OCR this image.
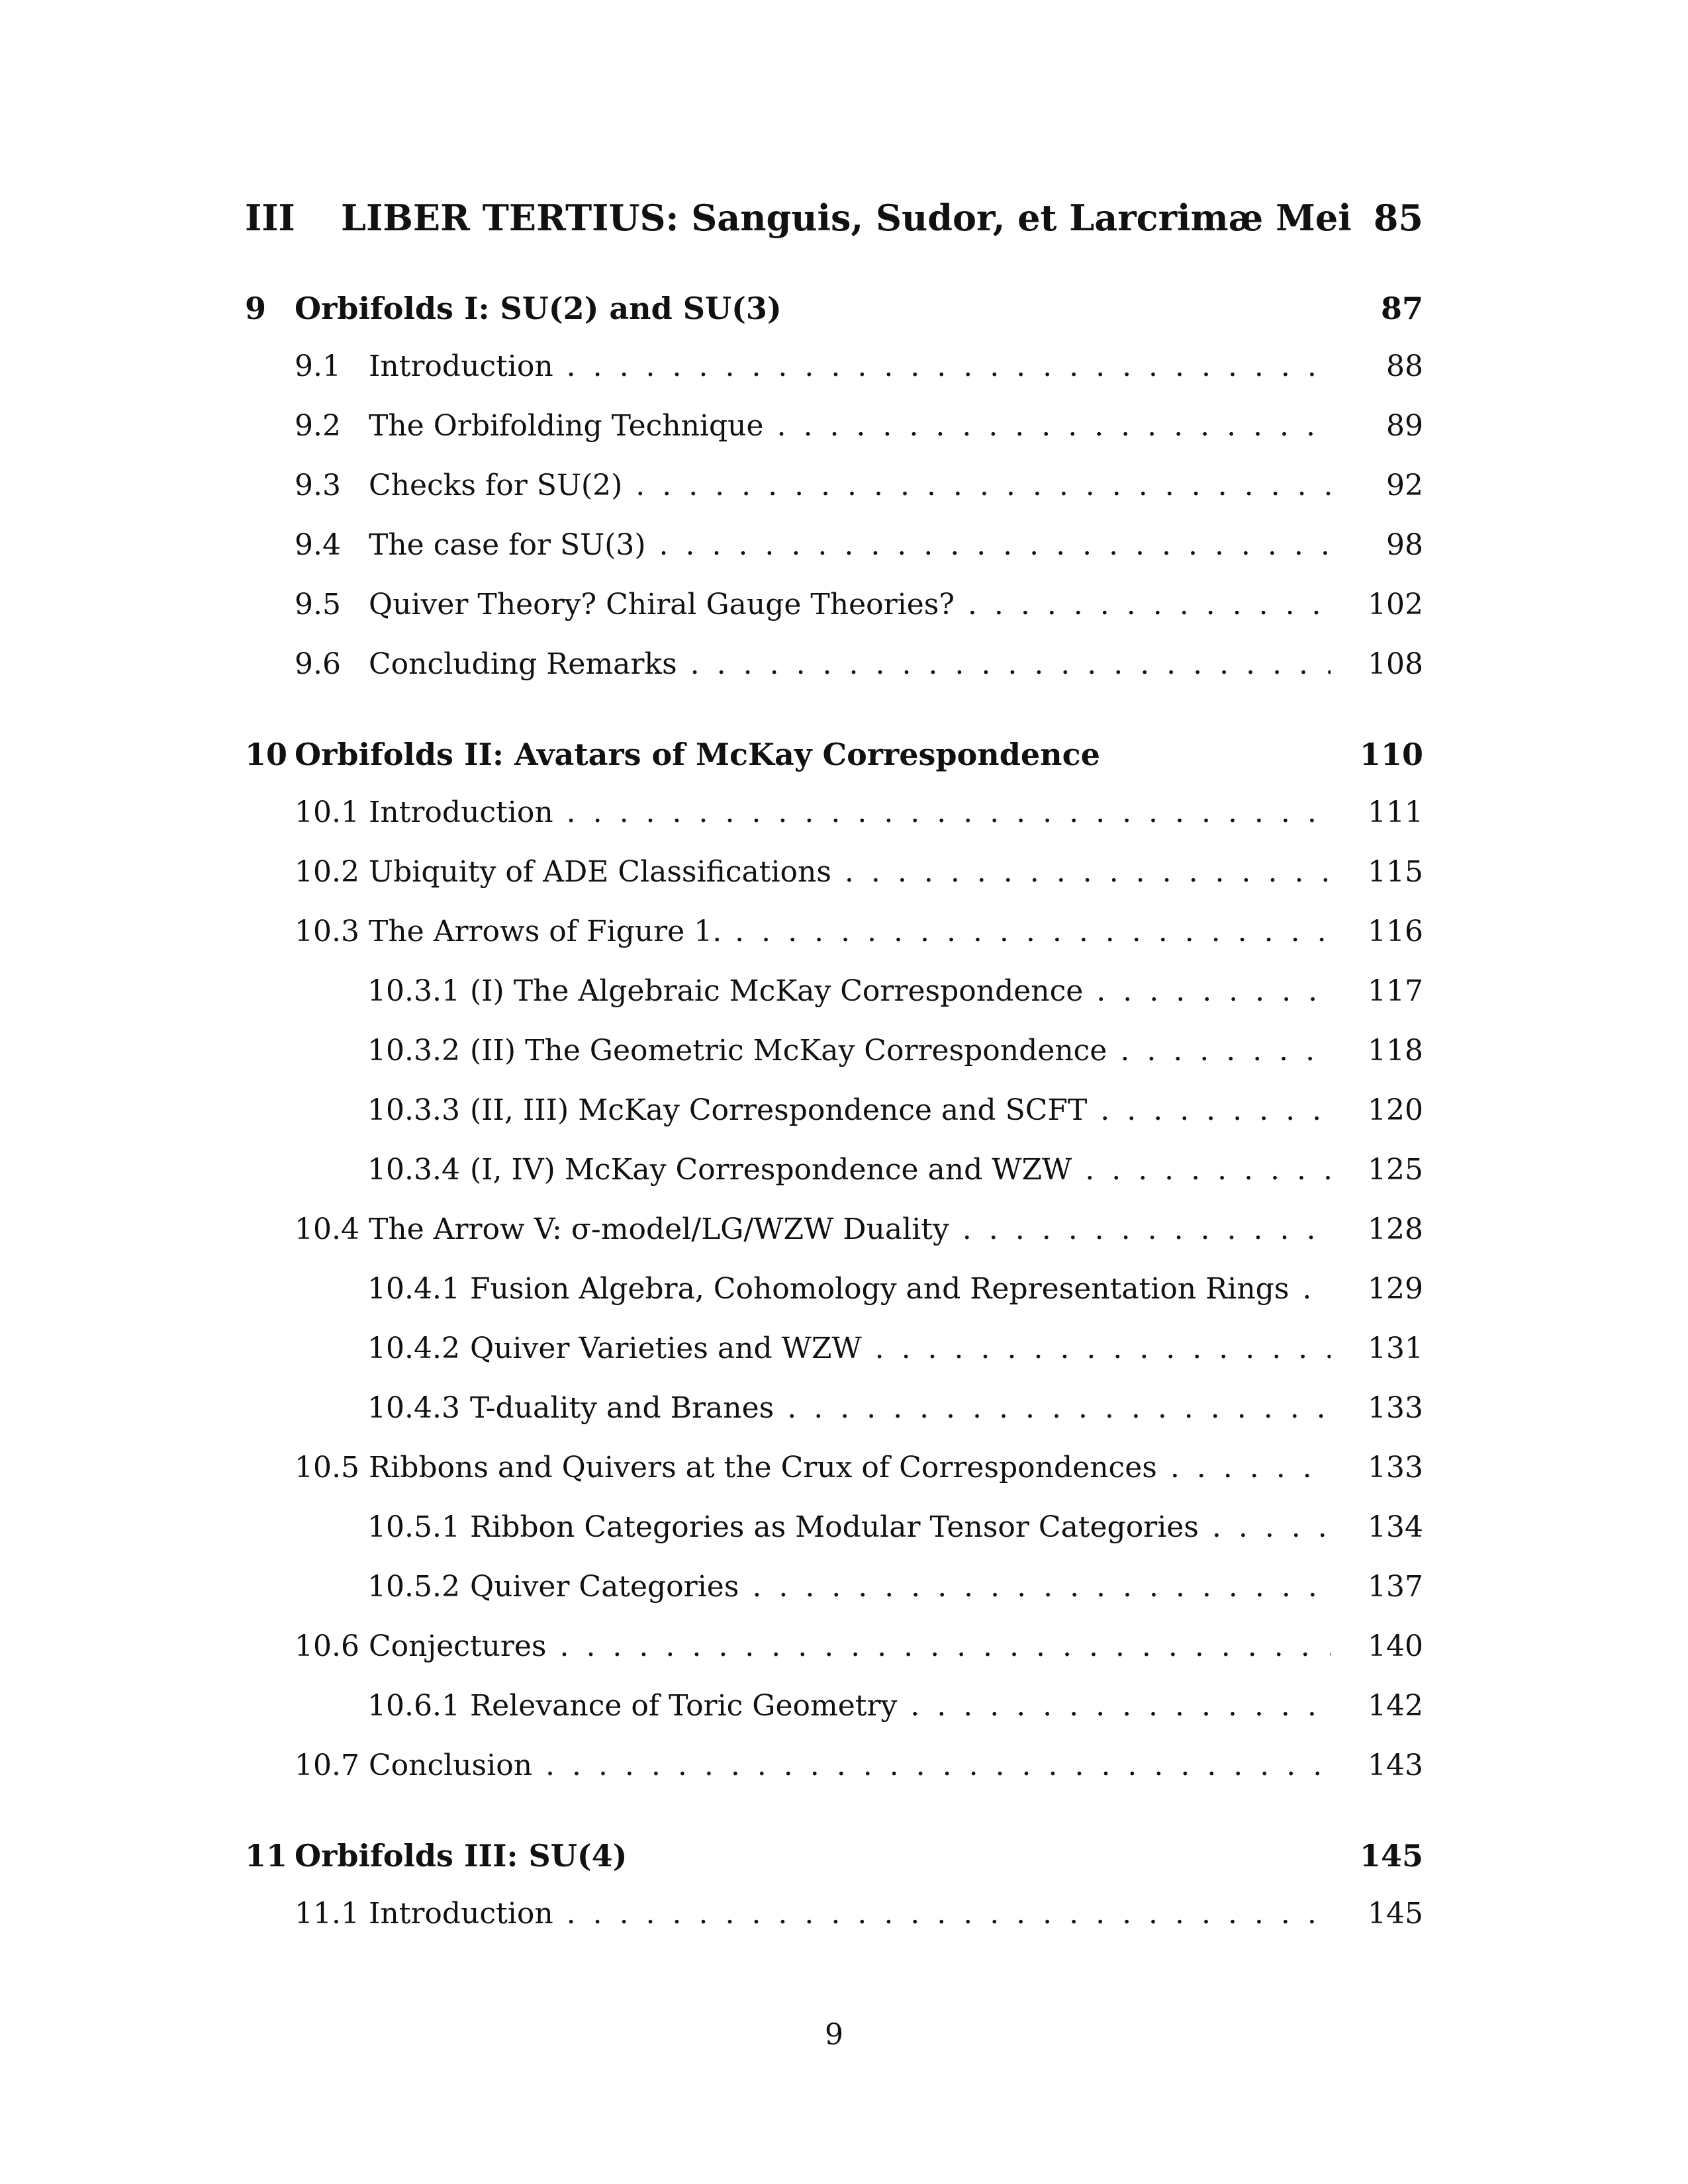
III LIBER TERTIUS: Sanguis, Sudor, et Larcrimæ Mei 85
9 Orbifolds I: SU(2) and SU(3)	87
9.1 Introduction . . .	88
9.2 The Orbifolding Technique . . .	89
9.3 Checks for SU(2) . . .	92
9.4 The case for SU(3) . . .	98
9.5 Quiver Theory? Chiral Gauge Theories? . . .	102
9.6 Concluding Remarks . . .	108
10 Orbifolds II: Avatars of McKay Correspondence	110
10.1 Introduction . . .	111
10.2 Ubiquity of ADE Classifications . . .	115
10.3 The Arrows of Figure 1. . . .	116
10.3.1 (I) The Algebraic McKay Correspondence . . .	117
10.3.2 (II) The Geometric McKay Correspondence . . .	118
10.3.3 (II, III) McKay Correspondence and SCFT . . .	120
10.3.4 (I, IV) McKay Correspondence and WZW . . .	125
10.4 The Arrow V: σ-model/LG/WZW Duality . . .	128
10.4.1 Fusion Algebra, Cohomology and Representation Rings . . .	129
10.4.2 Quiver Varieties and WZW . . .	131
10.4.3 T-duality and Branes . . .	133
10.5 Ribbons and Quivers at the Crux of Correspondences . . .	133
10.5.1 Ribbon Categories as Modular Tensor Categories . . .	134
10.5.2 Quiver Categories . . .	137
10.6 Conjectures . . .	140
10.6.1 Relevance of Toric Geometry . . .	142
10.7 Conclusion . . .	143
11 Orbifolds III: SU(4)	145
11.1 Introduction . . .	145
9
